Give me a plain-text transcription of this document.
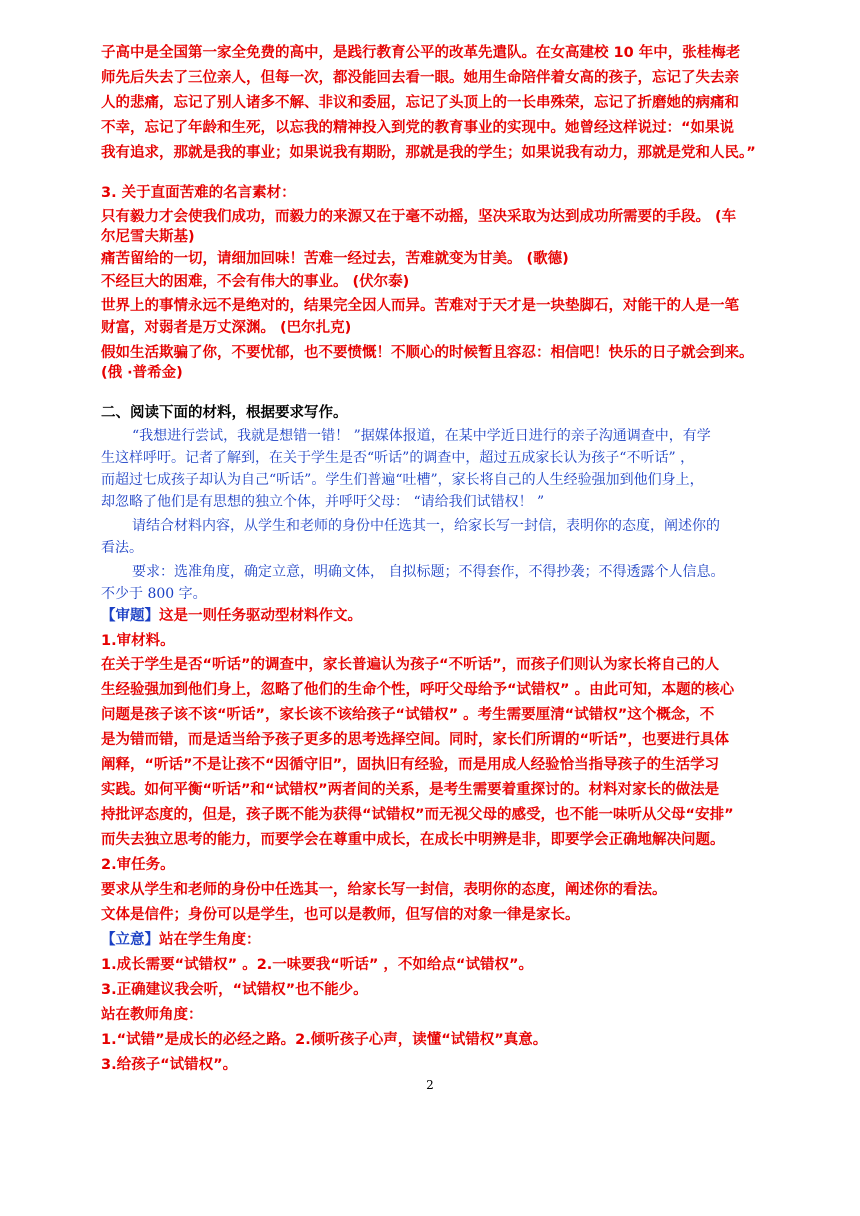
子高中是全国第一家全免费的高中，是践行教育公平的改革先遣队。在女高建校 10 年中，张桂梅老
师先后失去了三位亲人，但每一次，都没能回去看一眼。她用生命陪伴着女高的孩子，忘记了失去亲
人的悲痛，忘记了别人诸多不解、非议和委屈，忘记了头顶上的一长串殊荣，忘记了折磨她的病痛和
不幸，忘记了年龄和生死，以忘我的精神投入到党的教育事业的实现中。她曾经这样说过：“如果说
我有追求，那就是我的事业；如果说我有期盼，那就是我的学生；如果说我有动力，那就是党和人民。”
3. 关于直面苦难的名言素材：
只有毅力才会使我们成功，而毅力的来源又在于毫不动摇，坚决采取为达到成功所需要的手段。 (车
尔尼雪夫斯基)
痛苦留给的一切，请细加回味！苦难一经过去，苦难就变为甘美。 (歌德)
不经巨大的困难，不会有伟大的事业。 (伏尔泰)
世界上的事情永远不是绝对的，结果完全因人而异。苦难对于天才是一块垫脚石，对能干的人是一笔
财富，对弱者是万丈深渊。 (巴尔扎克)
假如生活欺骗了你，不要忧郁，也不要愤慨！不顺心的时候暂且容忍：相信吧！快乐的日子就会到来。
(俄 ·普希金)
二、阅读下面的材料，根据要求写作。
“我想进行尝试，我就是想错一错！ ”据媒体报道，在某中学近日进行的亲子沟通调查中，有学
生这样呼吁。记者了解到，在关于学生是否“听话”的调查中，超过五成家长认为孩子“不听话” ，
而超过七成孩子却认为自己“听话”。学生们普遍“吐槽”，家长将自己的人生经验强加到他们身上，
却忽略了他们是有思想的独立个体，并呼吁父母： “请给我们试错权！ ”
请结合材料内容，从学生和老师的身份中任选其一，给家长写一封信，表明你的态度，阐述你的
看法。
要求：选准角度，确定立意，明确文体， 自拟标题；不得套作，不得抄袭；不得透露个人信息。
不少于 800 字。
【审题】这是一则任务驱动型材料作文。
1.审材料。
在关于学生是否“听话”的调查中，家长普遍认为孩子“不听话”，而孩子们则认为家长将自己的人
生经验强加到他们身上，忽略了他们的生命个性，呼吁父母给予“试错权” 。由此可知，本题的核心
问题是孩子该不该“听话”，家长该不该给孩子“试错权” 。考生需要厘清“试错权”这个概念，不
是为错而错，而是适当给予孩子更多的思考选择空间。同时，家长们所谓的“听话”，也要进行具体
阐释，“听话”不是让孩不“因循守旧”，固执旧有经验，而是用成人经验恰当指导孩子的生活学习
实践。如何平衡“听话”和“试错权”两者间的关系，是考生需要着重探讨的。材料对家长的做法是
持批评态度的，但是，孩子既不能为获得“试错权”而无视父母的感受，也不能一味听从父母“安排”
而失去独立思考的能力，而要学会在尊重中成长，在成长中明辨是非，即要学会正确地解决问题。
2.审任务。
要求从学生和老师的身份中任选其一，给家长写一封信，表明你的态度，阐述你的看法。
文体是信件；身份可以是学生，也可以是教师，但写信的对象一律是家长。
【立意】站在学生角度：
1.成长需要“试错权” 。2.一味要我“听话” ，不如给点“试错权”。
3.正确建议我会听，“试错权”也不能少。
站在教师角度：
1.“试错”是成长的必经之路。2.倾听孩子心声，读懂“试错权”真意。
3.给孩子“试错权”。
2
